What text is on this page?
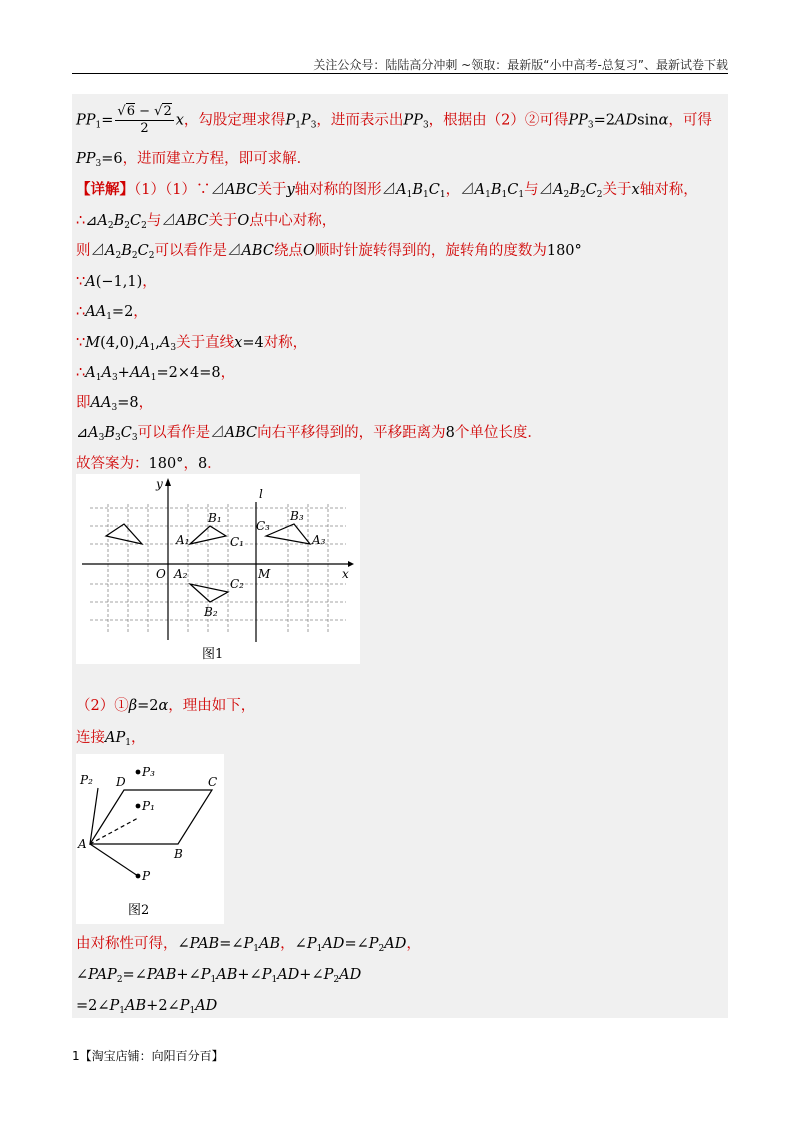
关注公众号：陆陆高分冲刺 ~领取：最新版“小中高考-总复习”、最新试卷下载
$PP_1= \frac{√6 - √2}{2}$ x，勾股定理求得$P_1P_3$，进而表示出$PP_3$，根据由（2）②可得$PP_3=2ADsin\alpha$，可得
$PP_3=6$，进而建立方程，即可求解．
【详解】（1）（1）∵⊿ABC关于y轴对称的图形$⊿A_1B_1C_1$，$⊿A_1B_1C_1$与$⊿A_2B_2C_2$关于x轴对称，
$\therefore⊿A_2B_2C_2$与⊿ABC关于O点中心对称，
则$⊿A_2B_2C_2$可以看作是⊿ABC绕点O顺时针旋转得到的，旋转角的度数为180°
∵A(−1,1)，
$\therefore AA_1=2$，
$\because M(4,0),A_1,A_3$关于直线x=4对称，
$\therefore A_1A_3+AA_1=2\times 4=8$，
即$AA_3=8$，
$⊿A_3B_3C_3$可以看作是⊿ABC向右平移得到的，平移距离为8个单位长度．
故答案为：180°，8．
y
x
l
O	M
A₁
B₁
C₁
A₂
B₂
C₂
A₃
B₃
C₃
图1
（2）①β=2α，理由如下，
连接$AP_1$，
P₂ D
P₃
C
P₁
A
B
P
图2
由对称性可得，$\angle PAB=\angle P_1AB$，$\angle P_1AD=\angle P_2AD$，
$\angle PAP_2=\angle PAB+\angle P_1AB+\angle P_1AD+\angle P_2AD$
$=2\angle P_1AB+2\angle P_1AD$
1【淘宝店铺：向阳百分百】
